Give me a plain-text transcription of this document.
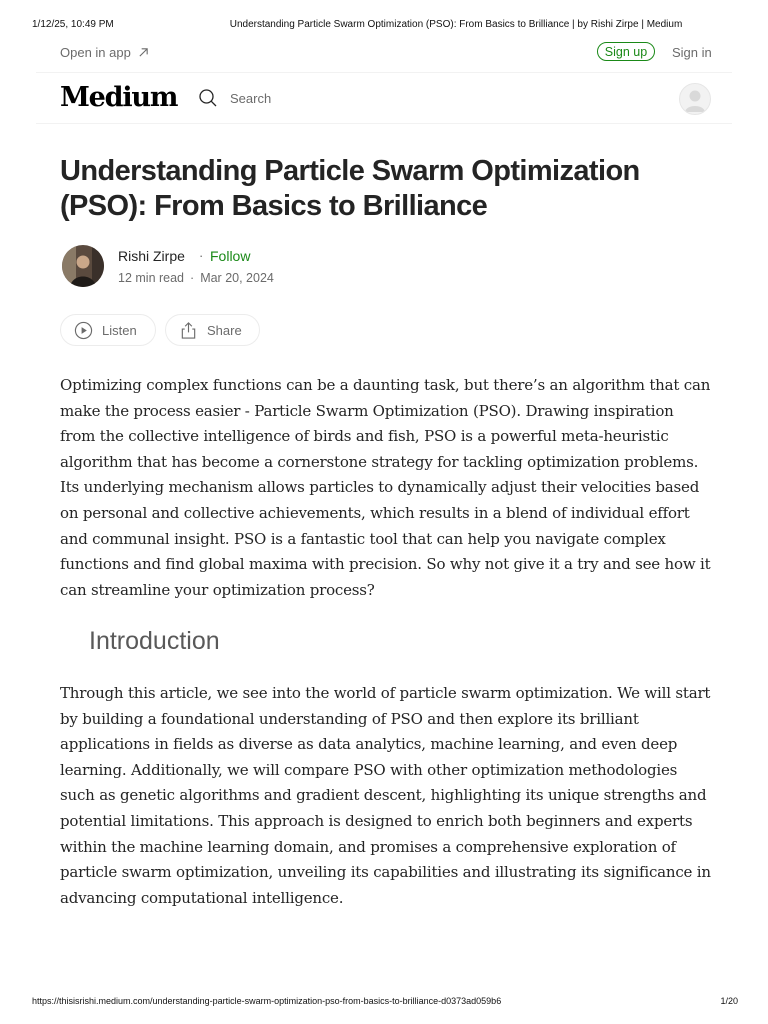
1/12/25, 10:49 PM	Understanding Particle Swarm Optimization (PSO): From Basics to Brilliance | by Rishi Zirpe | Medium
Open in app	Sign up	Sign in
Medium
Search
Understanding Particle Swarm Optimization (PSO): From Basics to Brilliance
Rishi Zirpe · Follow
12 min read · Mar 20, 2024
Listen	Share

Optimizing complex functions can be a daunting task, but there’s an algorithm that can make the process easier - Particle Swarm Optimization (PSO). Drawing inspiration from the collective intelligence of birds and fish, PSO is a powerful meta-heuristic algorithm that has become a cornerstone strategy for tackling optimization problems. Its underlying mechanism allows particles to dynamically adjust their velocities based on personal and collective achievements, which results in a blend of individual effort and communal insight. PSO is a fantastic tool that can help you navigate complex functions and find global maxima with precision. So why not give it a try and see how it can streamline your optimization process?

Introduction

Through this article, we see into the world of particle swarm optimization. We will start by building a foundational understanding of PSO and then explore its brilliant applications in fields as diverse as data analytics, machine learning, and even deep learning. Additionally, we will compare PSO with other optimization methodologies such as genetic algorithms and gradient descent, highlighting its unique strengths and potential limitations. This approach is designed to enrich both beginners and experts within the machine learning domain, and promises a comprehensive exploration of particle swarm optimization, unveiling its capabilities and illustrating its significance in advancing computational intelligence.

https://thisisrishi.medium.com/understanding-particle-swarm-optimization-pso-from-basics-to-brilliance-d0373ad059b6	1/20
